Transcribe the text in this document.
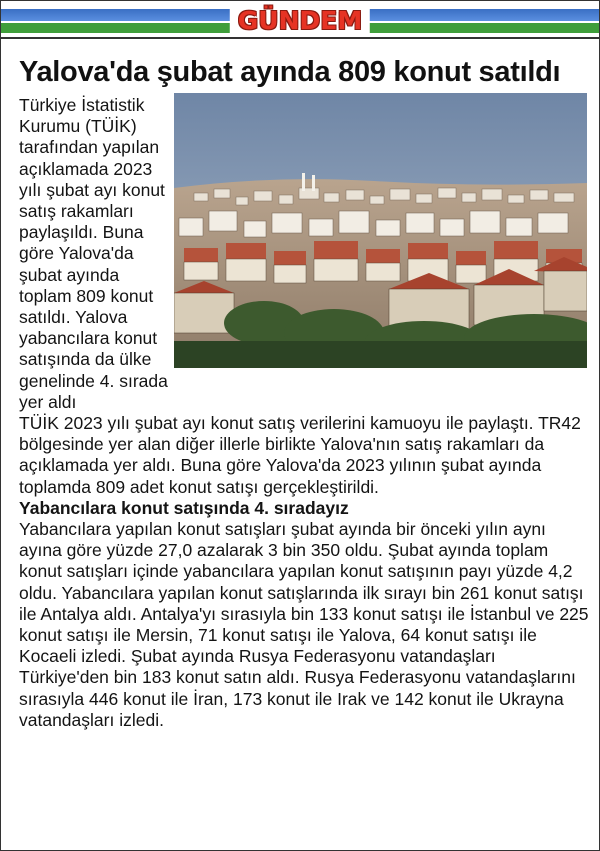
GÜNDEM
Yalova'da şubat ayında 809 konut satıldı

Türkiye İstatistik Kurumu (TÜİK) tarafından yapılan açıklamada 2023 yılı şubat ayı konut satış rakamları paylaşıldı. Buna göre Yalova'da şubat ayında toplam 809 konut satıldı. Yalova yabancılara konut satışında da ülke genelinde 4. sırada yer aldı

TÜİK 2023 yılı şubat ayı konut satış verilerini kamuoyu ile paylaştı. TR42 bölgesinde yer alan diğer illerle birlikte Yalova'nın satış rakamları da açıklamada yer aldı. Buna göre Yalova'da 2023 yılının şubat ayında toplamda 809 adet konut satışı gerçekleştirildi.

Yabancılara konut satışında 4. sıradayız

Yabancılara yapılan konut satışları şubat ayında bir önceki yılın aynı ayına göre yüzde 27,0 azalarak 3 bin 350 oldu. Şubat ayında toplam konut satışları içinde yabancılara yapılan konut satışının payı yüzde 4,2 oldu. Yabancılara yapılan konut satışlarında ilk sırayı bin 261 konut satışı ile Antalya aldı. Antalya'yı sırasıyla bin 133 konut satışı ile İstanbul ve 225 konut satışı ile Mersin, 71 konut satışı ile Yalova, 64 konut satışı ile Kocaeli izledi. Şubat ayında Rusya Federasyonu vatandaşları Türkiye'den bin 183 konut satın aldı. Rusya Federasyonu vatandaşlarını sırasıyla 446 konut ile İran, 173 konut ile Irak ve 142 konut ile Ukrayna vatandaşları izledi.
